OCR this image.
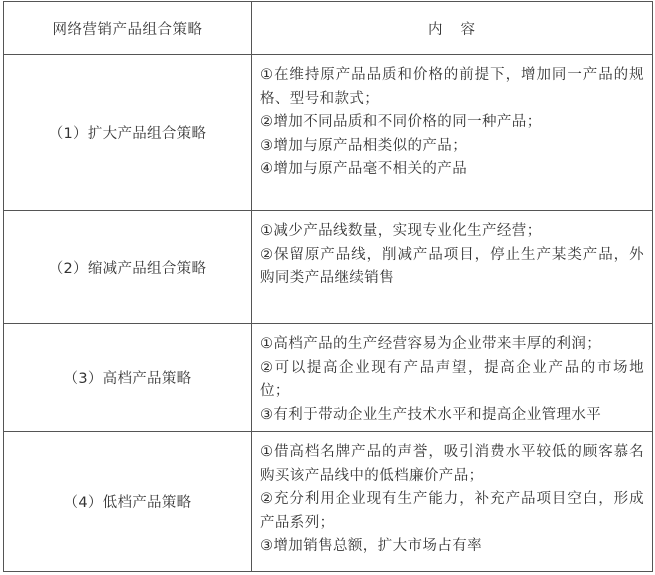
网络营销产品组合策略	内容
（1）扩大产品组合策略	①在维持原产品品质和价格的前提下，增加同一产品的规格、型号和款式；
②增加不同品质和不同价格的同一种产品；
③增加与原产品相类似的产品；
④增加与原产品毫不相关的产品

（2）缩减产品组合策略	①减少产品线数量，实现专业化生产经营；
②保留原产品线，削减产品项目，停止生产某类产品，外购同类产品继续销售

（3）高档产品策略	①高档产品的生产经营容易为企业带来丰厚的利润；
②可以提高企业现有产品声望，提高企业产品的市场地位；
③有利于带动企业生产技术水平和提高企业管理水平

（4）低档产品策略	①借高档名牌产品的声誉，吸引消费水平较低的顾客慕名购买该产品线中的低档廉价产品；
②充分利用企业现有生产能力，补充产品项目空白，形成产品系列；
③增加销售总额，扩大市场占有率
